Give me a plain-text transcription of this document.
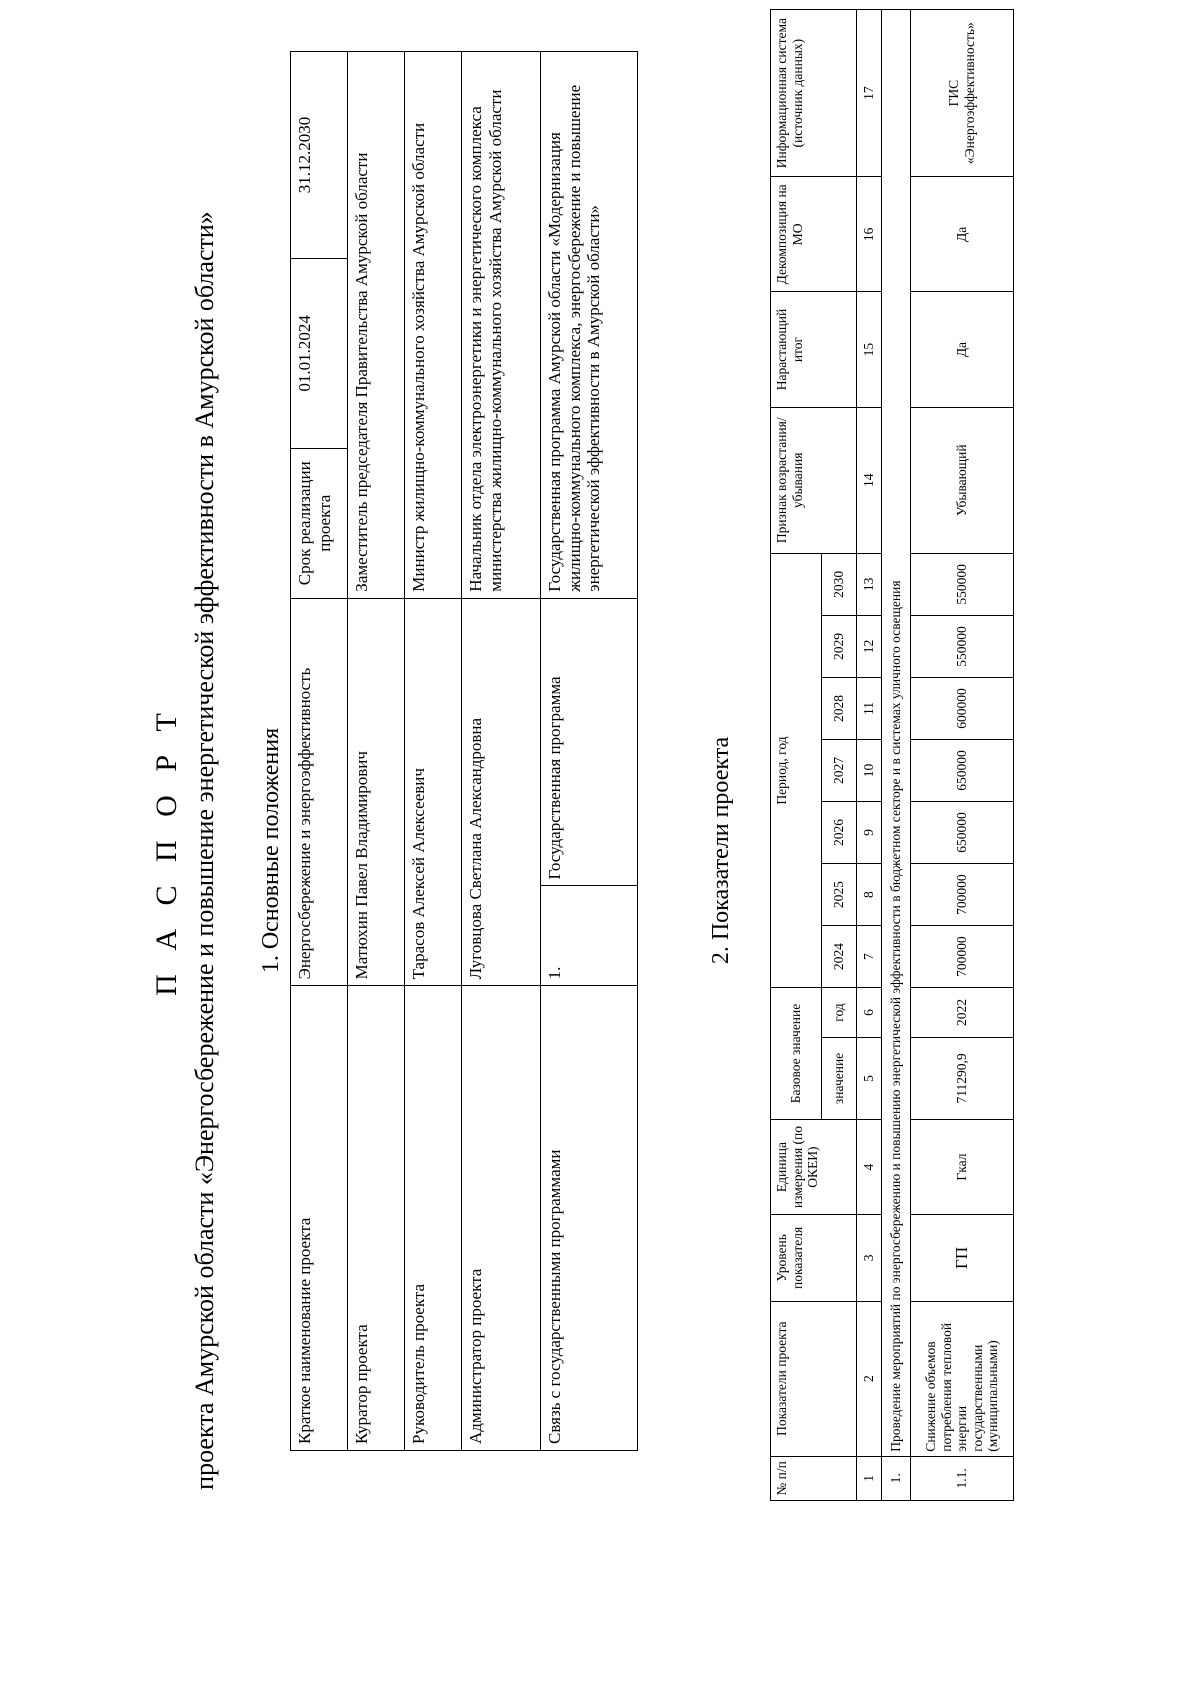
П А С П О Р Т проекта Амурской области «Энергосбережение и повышение энергетической эффективности в Амурской области» 1. Основные положения
Краткое наименование проекта	Энергосбережение и энергоэффективность		Срок реализации проекта	01.01.2024	31.12.2030
Куратор проекта	Матюхин Павел Владимирович		Заместитель председателя Правительства Амурской области		
Руководитель проекта	Тарасов Алексей Алексеевич		Министр жилищно-коммунального хозяйства Амурской области		
Администратор проекта	Луговцова Светлана Александровна		Начальник отдела электроэнергетики и энергетического комплекса министерства жилищно-коммунального хозяйства Амурской области		
Связь с государственными программами	1.	Государственная программа	Государственная программа Амурской области «Модернизация жилищно-коммунального комплекса, энергосбережение и повышение энергетической эффективности в Амурской области»		
2. Показатели проекта
№ п/п	Показатели проекта	Уровень показателя	Единица измерения (по ОКЕИ)	Базовое значение		Период, год							Признак возрастания/ убывания	Нарастающий итог	Декомпозиция на МО	Информационная система (источник данных)
				значение	год	2024	2025	2026	2027	2028	2029	2030				
1	2	3	4	5	6	7	8	9	10	11	12	13	14	15	16	17
1.	Проведение мероприятий по энергосбережению и повышению энергетической эффективности в бюджетном секторе и в системах уличного освещения															
1.1.	Снижение объемов потребления тепловой энергии государственными (муниципальными)	ГП	Гкал	711290,9	2022	700000	700000	650000	650000	600000	550000	550000	Убывающий	Да	Да	ГИС «Энергоэффективность»
